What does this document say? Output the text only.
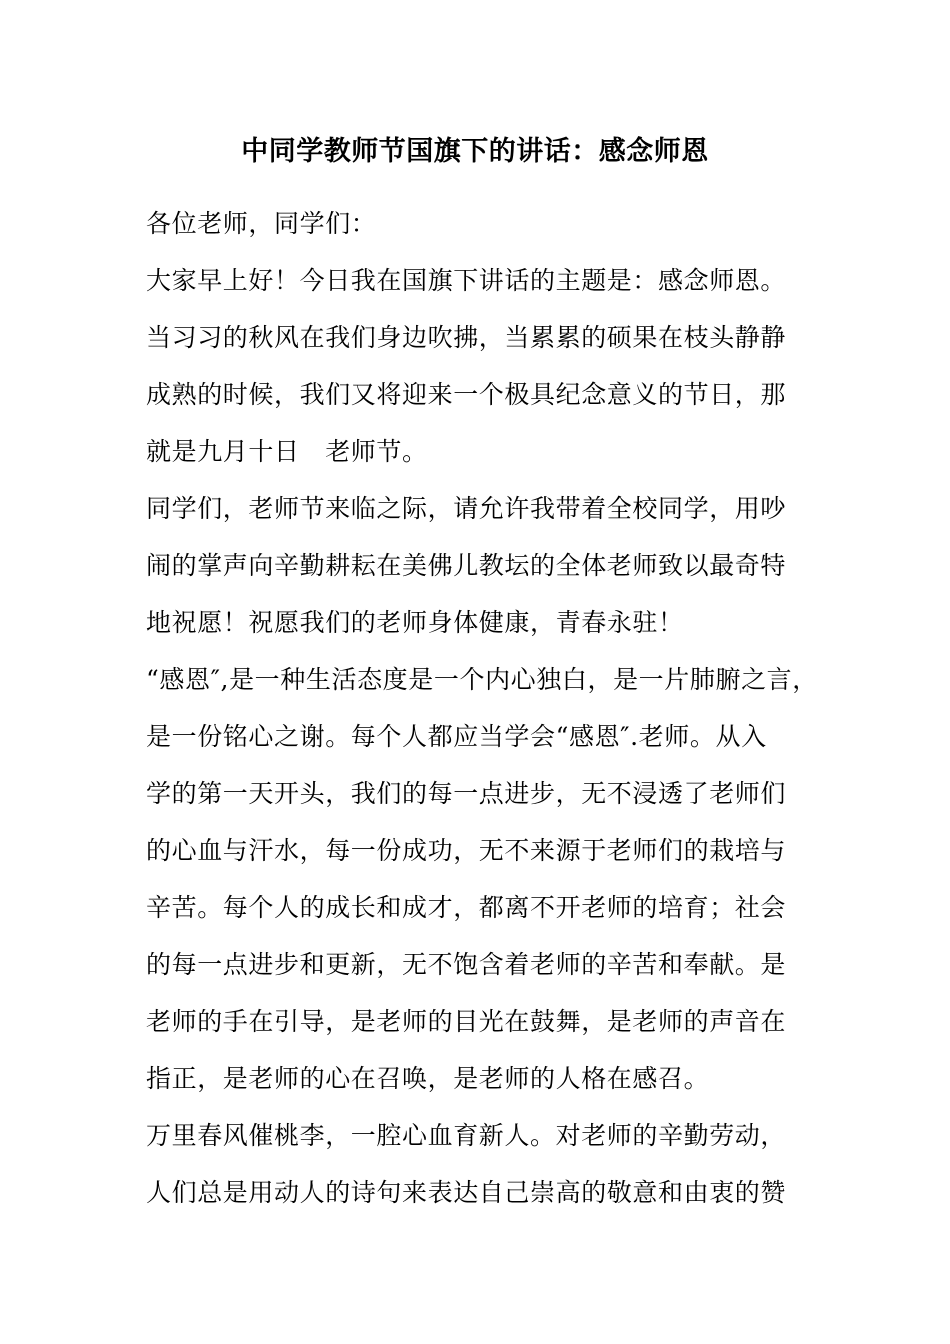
中同学教师节国旗下的讲话：感念师恩
各位老师，同学们：
大家早上好！今日我在国旗下讲话的主题是：感念师恩。
当习习的秋风在我们身边吹拂，当累累的硕果在枝头静静
成熟的时候，我们又将迎来一个极具纪念意义的节日，那
就是九月十日　老师节。
同学们，老师节来临之际，请允许我带着全校同学，用吵
闹的掌声向辛勤耕耘在美佛儿教坛的全体老师致以最奇特
地祝愿！祝愿我们的老师身体健康，青春永驻！
“感恩″,是一种生活态度是一个内心独白，是一片肺腑之言，
是一份铭心之谢。每个人都应当学会“感恩″.老师。从入
学的第一天开头，我们的每一点进步，无不浸透了老师们
的心血与汗水，每一份成功，无不来源于老师们的栽培与
辛苦。每个人的成长和成才，都离不开老师的培育；社会
的每一点进步和更新，无不饱含着老师的辛苦和奉献。是
老师的手在引导，是老师的目光在鼓舞，是老师的声音在
指正，是老师的心在召唤，是老师的人格在感召。
万里春风催桃李，一腔心血育新人。对老师的辛勤劳动，
人们总是用动人的诗句来表达自己崇高的敬意和由衷的赞
